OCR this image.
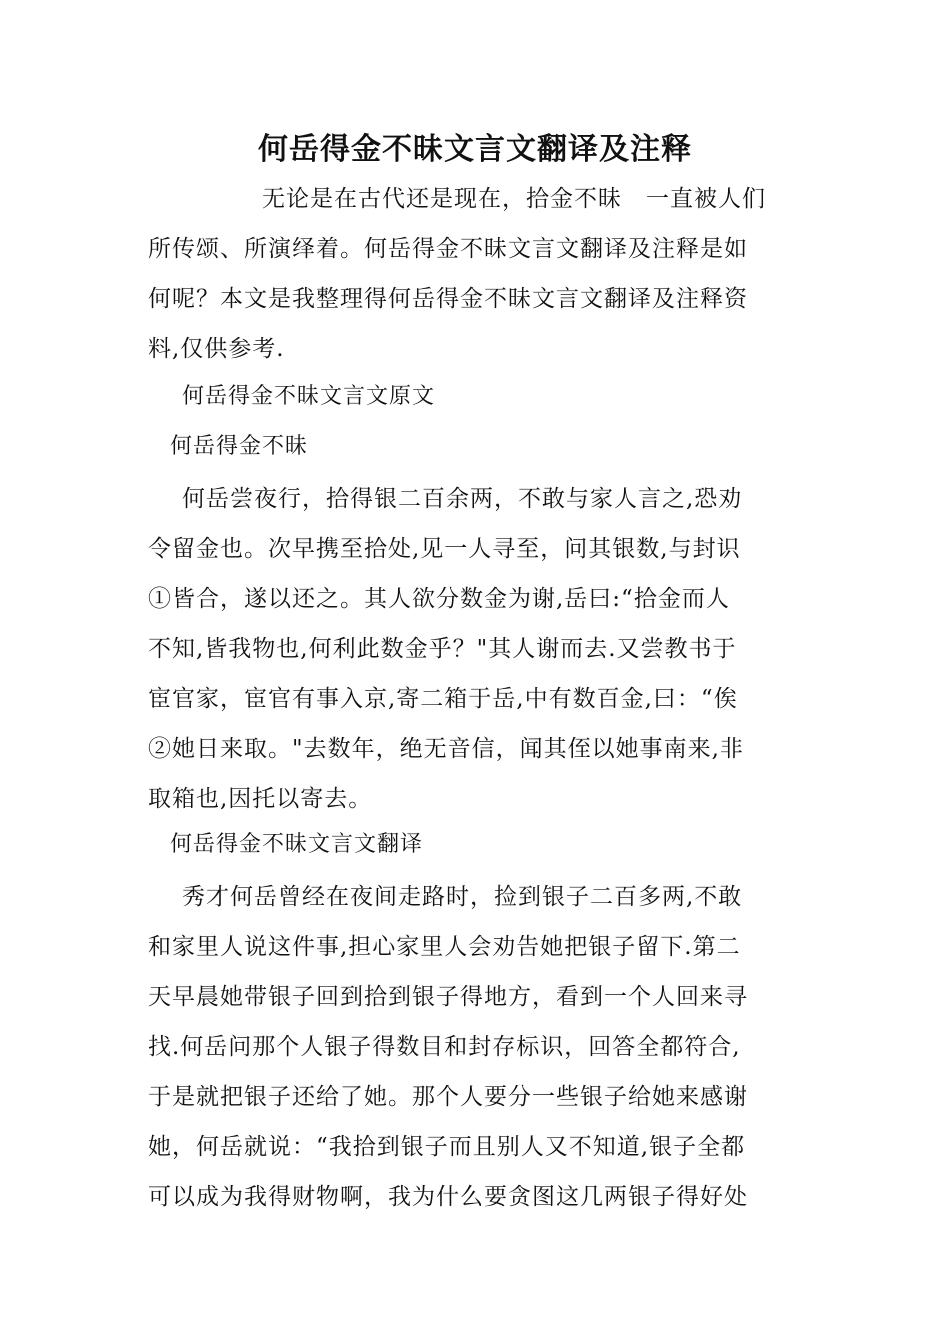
何岳得金不昧文言文翻译及注释
无论是在古代还是现在，拾金不昧　一直被人们
所传颂、所演绎着。何岳得金不昧文言文翻译及注释是如
何呢？本文是我整理得何岳得金不昧文言文翻译及注释资
料,仅供参考.
何岳得金不昧文言文原文
何岳得金不昧
何岳尝夜行，拾得银二百余两，不敢与家人言之,恐劝
令留金也。次早携至拾处,见一人寻至，问其银数,与封识
①皆合，遂以还之。其人欲分数金为谢,岳曰:“拾金而人
不知,皆我物也,何利此数金乎？"其人谢而去.又尝教书于
宦官家，宦官有事入京,寄二箱于岳,中有数百金,曰：“俟
②她日来取。"去数年，绝无音信，闻其侄以她事南来,非
取箱也,因托以寄去。
何岳得金不昧文言文翻译
秀才何岳曾经在夜间走路时，捡到银子二百多两,不敢
和家里人说这件事,担心家里人会劝告她把银子留下.第二
天早晨她带银子回到拾到银子得地方，看到一个人回来寻
找.何岳问那个人银子得数目和封存标识，回答全都符合,
于是就把银子还给了她。那个人要分一些银子给她来感谢
她，何岳就说：“我拾到银子而且别人又不知道,银子全都
可以成为我得财物啊，我为什么要贪图这几两银子得好处
